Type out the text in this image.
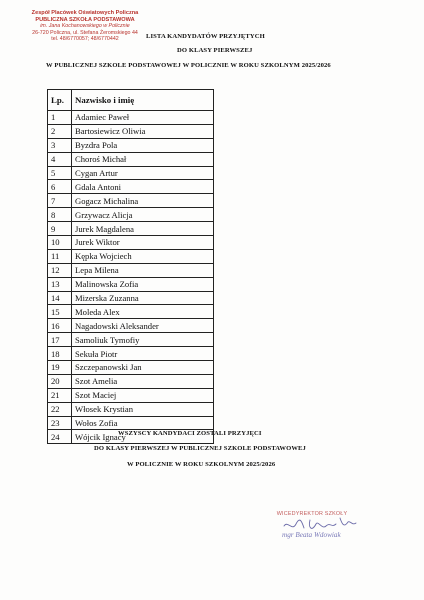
Zespół Placówek Oświatowych Policzna
PUBLICZNA SZKOŁA PODSTAWOWA
im. Jana Kochanowskiego w Policznie
26-720 Policzna, ul. Stefana Żeromskiego 44
tel. 48/6770057; 48/6770442	LISTA KANDYDATÓW PRZYJĘTYCH
DO KLASY PIERWSZEJ
W PUBLICZNEJ SZKOLE PODSTAWOWEJ W POLICZNIE W ROKU SZKOLNYM 2025/2026
Lp.	Nazwisko i imię
1	Adamiec Paweł
2	Bartosiewicz Oliwia
3	Byzdra Pola
4	Choroś Michał
5	Cygan Artur
6	Gdala Antoni
7	Gogacz Michalina
8	Grzywacz Alicja
9	Jurek Magdalena
10	Jurek Wiktor
11	Kępka Wojciech
12	Lepa Milena
13	Malinowska Zofia
14	Mizerska Zuzanna
15	Moleda Alex
16	Nagadowski Aleksander
17	Samoliuk Tymofiy
18	Sekuła Piotr
19	Szczepanowski Jan
20	Szot Amelia
21	Szot Maciej
22	Włosek Krystian
23	Wołos Zofia
24	Wójcik Ignacy
WSZYSCY KANDYDACI ZOSTALI PRZYJĘCI
DO KLASY PIERWSZEJ W PUBLICZNEJ SZKOLE PODSTAWOWEJ
W POLICZNIE W ROKU SZKOLNYM 2025/2026
WICEDYREKTOR SZKOŁY
mgr Beata Wdowiak
